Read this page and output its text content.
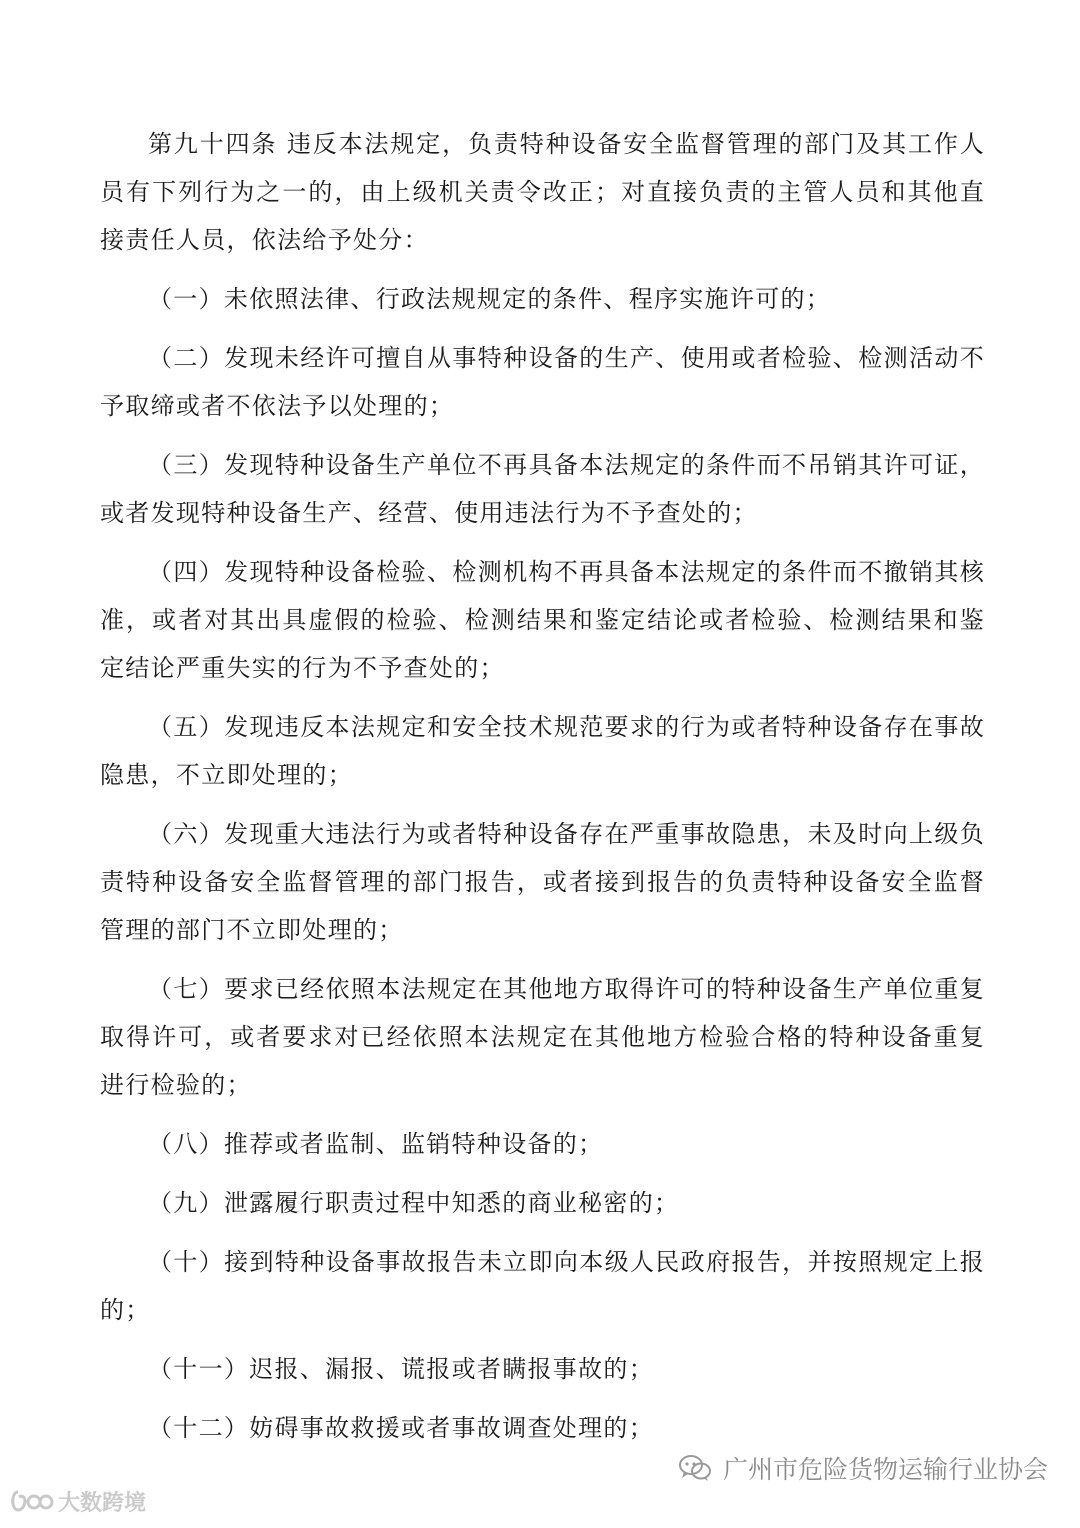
第九十四条 违反本法规定，负责特种设备安全监督管理的部门及其工作人员有下列行为之一的，由上级机关责令改正；对直接负责的主管人员和其他直接责任人员，依法给予处分：

（一）未依照法律、行政法规规定的条件、程序实施许可的；

（二）发现未经许可擅自从事特种设备的生产、使用或者检验、检测活动不予取缔或者不依法予以处理的；

（三）发现特种设备生产单位不再具备本法规定的条件而不吊销其许可证，或者发现特种设备生产、经营、使用违法行为不予查处的；

（四）发现特种设备检验、检测机构不再具备本法规定的条件而不撤销其核准，或者对其出具虚假的检验、检测结果和鉴定结论或者检验、检测结果和鉴定结论严重失实的行为不予查处的；

（五）发现违反本法规定和安全技术规范要求的行为或者特种设备存在事故隐患，不立即处理的；

（六）发现重大违法行为或者特种设备存在严重事故隐患，未及时向上级负责特种设备安全监督管理的部门报告，或者接到报告的负责特种设备安全监督管理的部门不立即处理的；

（七）要求已经依照本法规定在其他地方取得许可的特种设备生产单位重复取得许可，或者要求对已经依照本法规定在其他地方检验合格的特种设备重复进行检验的；

（八）推荐或者监制、监销特种设备的；

（九）泄露履行职责过程中知悉的商业秘密的；

（十）接到特种设备事故报告未立即向本级人民政府报告，并按照规定上报的；

（十一）迟报、漏报、谎报或者瞒报事故的；

（十二）妨碍事故救援或者事故调查处理的；

广州市危险货物运输行业协会
大数跨境
